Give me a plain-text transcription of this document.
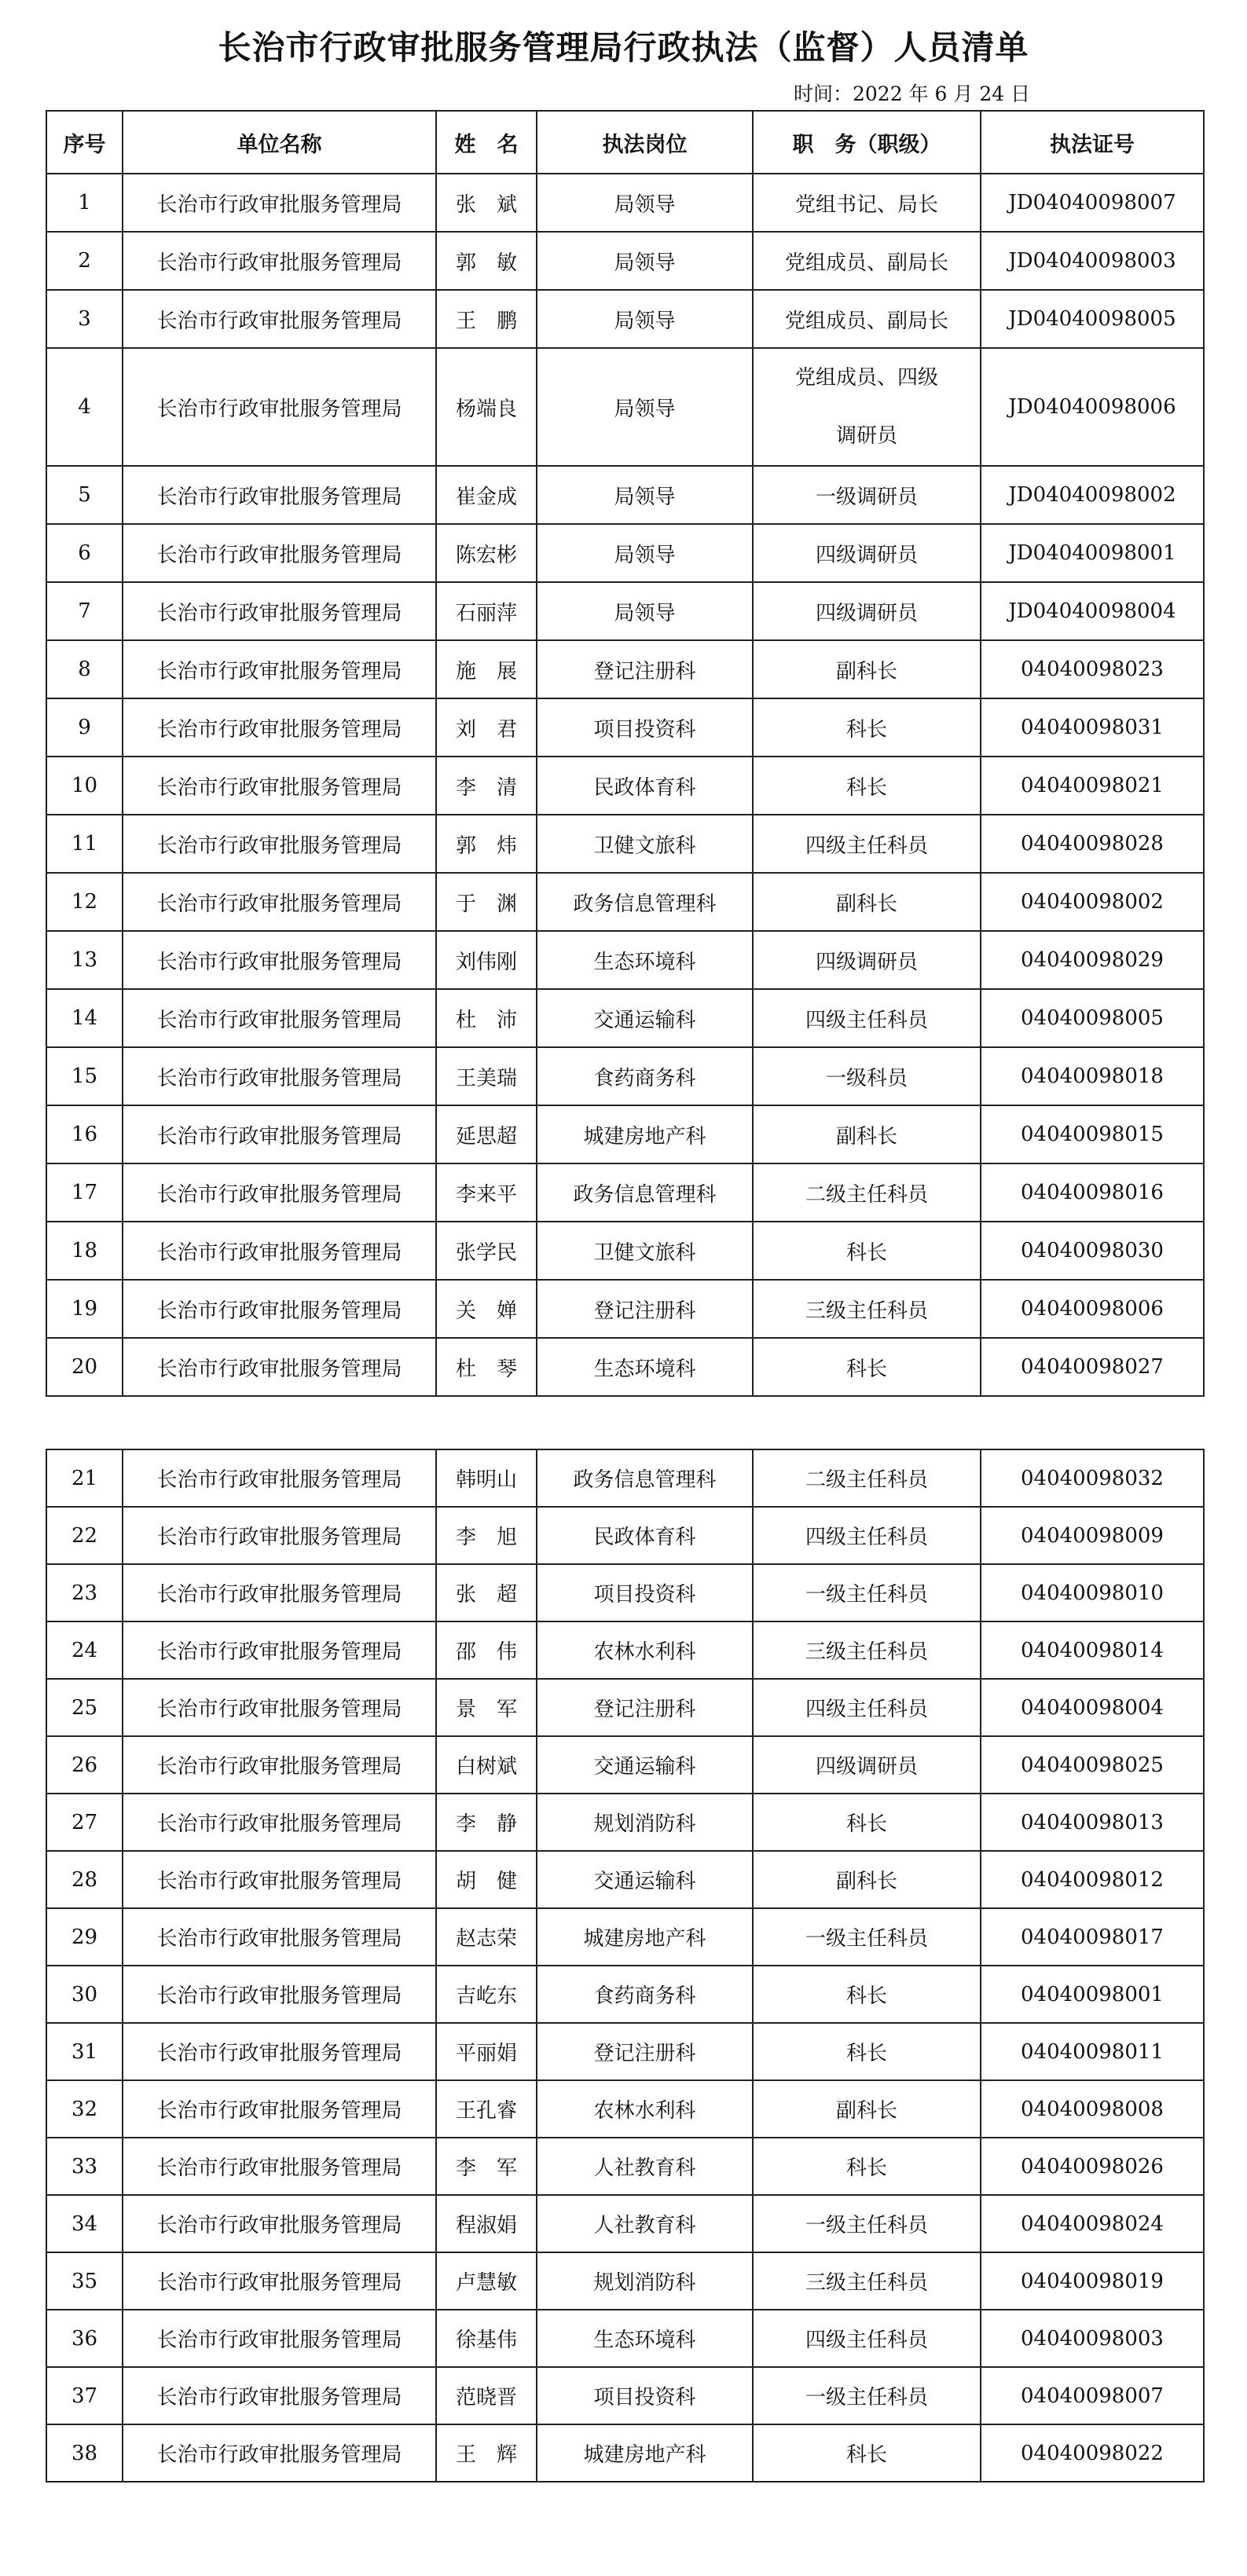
长治市行政审批服务管理局行政执法（监督）人员清单

时间：2022 年 6 月 24 日

序号	单位名称	姓　名	执法岗位	职　务（职级）	执法证号
1	长治市行政审批服务管理局	张　斌	局领导	党组书记、局长	JD04040098007
2	长治市行政审批服务管理局	郭　敏	局领导	党组成员、副局长	JD04040098003
3	长治市行政审批服务管理局	王　鹏	局领导	党组成员、副局长	JD04040098005
4	长治市行政审批服务管理局	杨端良	局领导	党组成员、四级
调研员	JD04040098006
5	长治市行政审批服务管理局	崔金成	局领导	一级调研员	JD04040098002
6	长治市行政审批服务管理局	陈宏彬	局领导	四级调研员	JD04040098001
7	长治市行政审批服务管理局	石丽萍	局领导	四级调研员	JD04040098004
8	长治市行政审批服务管理局	施　展	登记注册科	副科长	04040098023
9	长治市行政审批服务管理局	刘　君	项目投资科	科长	04040098031
10	长治市行政审批服务管理局	李　清	民政体育科	科长	04040098021
11	长治市行政审批服务管理局	郭　炜	卫健文旅科	四级主任科员	04040098028
12	长治市行政审批服务管理局	于　渊	政务信息管理科	副科长	04040098002
13	长治市行政审批服务管理局	刘伟刚	生态环境科	四级调研员	04040098029
14	长治市行政审批服务管理局	杜　沛	交通运输科	四级主任科员	04040098005
15	长治市行政审批服务管理局	王美瑞	食药商务科	一级科员	04040098018
16	长治市行政审批服务管理局	延思超	城建房地产科	副科长	04040098015
17	长治市行政审批服务管理局	李来平	政务信息管理科	二级主任科员	04040098016
18	长治市行政审批服务管理局	张学民	卫健文旅科	科长	04040098030
19	长治市行政审批服务管理局	关　婵	登记注册科	三级主任科员	04040098006
20	长治市行政审批服务管理局	杜　琴	生态环境科	科长	04040098027
21	长治市行政审批服务管理局	韩明山	政务信息管理科	二级主任科员	04040098032
22	长治市行政审批服务管理局	李　旭	民政体育科	四级主任科员	04040098009
23	长治市行政审批服务管理局	张　超	项目投资科	一级主任科员	04040098010
24	长治市行政审批服务管理局	邵　伟	农林水利科	三级主任科员	04040098014
25	长治市行政审批服务管理局	景　军	登记注册科	四级主任科员	04040098004
26	长治市行政审批服务管理局	白树斌	交通运输科	四级调研员	04040098025
27	长治市行政审批服务管理局	李　静	规划消防科	科长	04040098013
28	长治市行政审批服务管理局	胡　健	交通运输科	副科长	04040098012
29	长治市行政审批服务管理局	赵志荣	城建房地产科	一级主任科员	04040098017
30	长治市行政审批服务管理局	吉屹东	食药商务科	科长	04040098001
31	长治市行政审批服务管理局	平丽娟	登记注册科	科长	04040098011
32	长治市行政审批服务管理局	王孔睿	农林水利科	副科长	04040098008
33	长治市行政审批服务管理局	李　军	人社教育科	科长	04040098026
34	长治市行政审批服务管理局	程淑娟	人社教育科	一级主任科员	04040098024
35	长治市行政审批服务管理局	卢慧敏	规划消防科	三级主任科员	04040098019
36	长治市行政审批服务管理局	徐基伟	生态环境科	四级主任科员	04040098003
37	长治市行政审批服务管理局	范晓晋	项目投资科	一级主任科员	04040098007
38	长治市行政审批服务管理局	王　辉	城建房地产科	科长	04040098022
